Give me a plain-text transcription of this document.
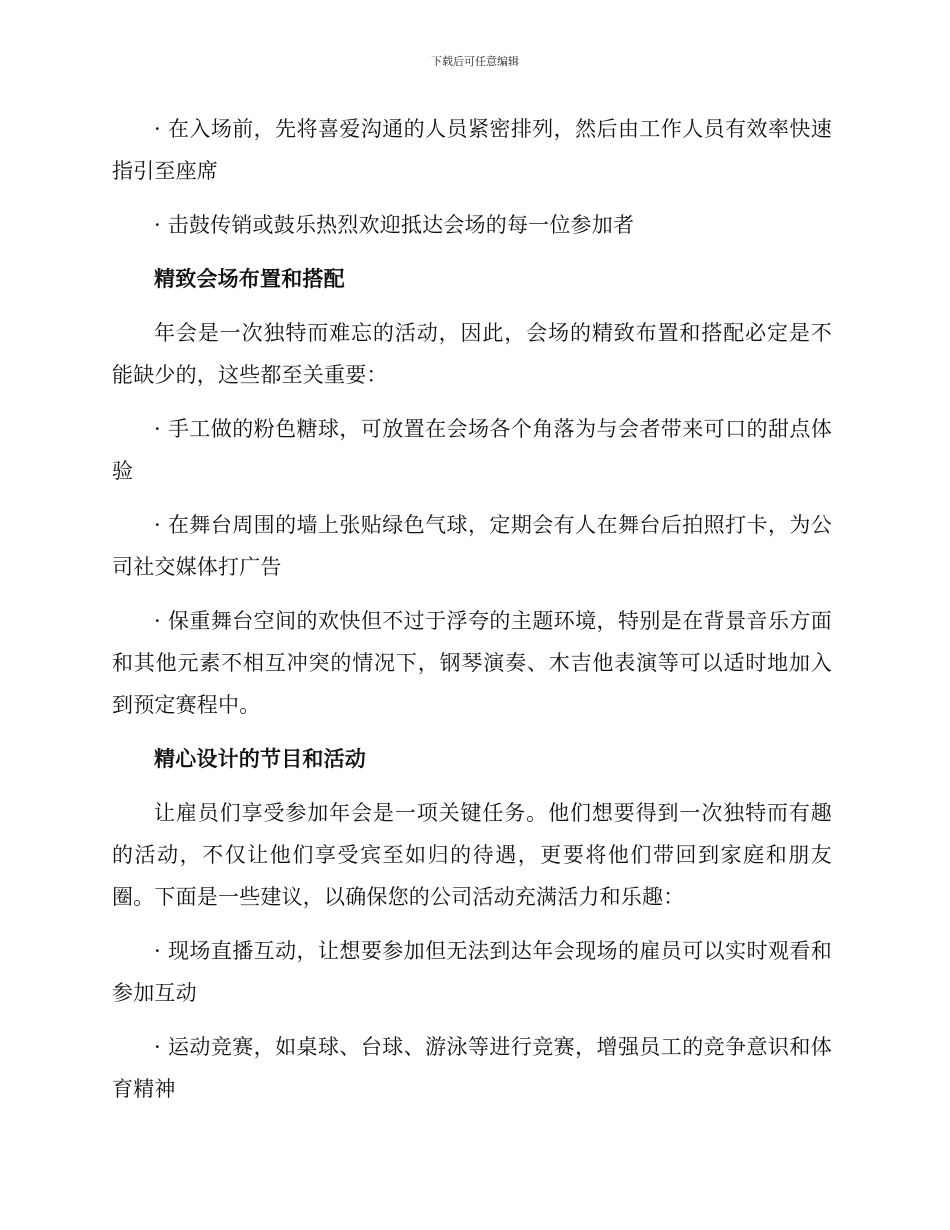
下载后可任意编辑

· 在入场前，先将喜爱沟通的人员紧密排列，然后由工作人员有效率快速指引至座席

· 击鼓传销或鼓乐热烈欢迎抵达会场的每一位参加者

精致会场布置和搭配

年会是一次独特而难忘的活动，因此，会场的精致布置和搭配必定是不能缺少的，这些都至关重要：

· 手工做的粉色糖球，可放置在会场各个角落为与会者带来可口的甜点体验

· 在舞台周围的墙上张贴绿色气球，定期会有人在舞台后拍照打卡，为公司社交媒体打广告

· 保重舞台空间的欢快但不过于浮夸的主题环境，特别是在背景音乐方面和其他元素不相互冲突的情况下，钢琴演奏、木吉他表演等可以适时地加入到预定赛程中。

精心设计的节目和活动

让雇员们享受参加年会是一项关键任务。他们想要得到一次独特而有趣的活动，不仅让他们享受宾至如归的待遇，更要将他们带回到家庭和朋友圈。下面是一些建议，以确保您的公司活动充满活力和乐趣：

· 现场直播互动，让想要参加但无法到达年会现场的雇员可以实时观看和参加互动

· 运动竞赛，如桌球、台球、游泳等进行竞赛，增强员工的竞争意识和体育精神
